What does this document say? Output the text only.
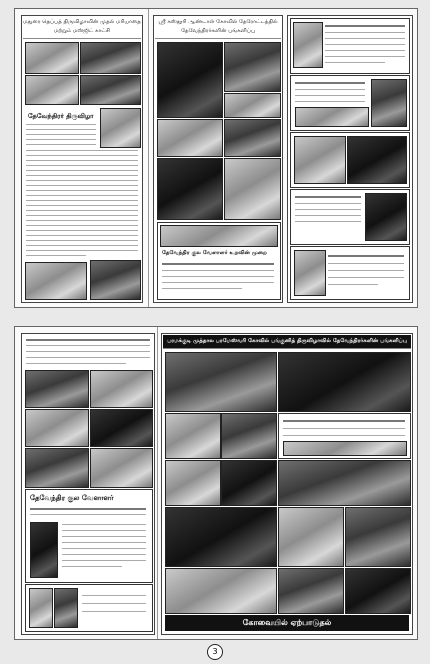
மதுரை தெப்பத் திருவிழாவின் முதல் மரியாதை மற்றும் மஸ்ஜிட் காட்சி
தேவேந்திரர் திருவிழா
ஸ்ரீ கஸ்தூரி ஆண்டாள் கோவில் தேரோட்டத்தில் தேவேந்திரர்களின் பங்களிப்பு
தேவேந்திர குல வேளாளர் உறவின் முறை
தேவேந்திர குல வேளாளர்
பரமக்குடி முத்தால பரமேஸ்வரி கோவில் பங்குனித் திருவிழாவில் தேவேந்திரர்களின் பங்களிப்பு
கோவையில் ஏற்பாடுதல்
3
